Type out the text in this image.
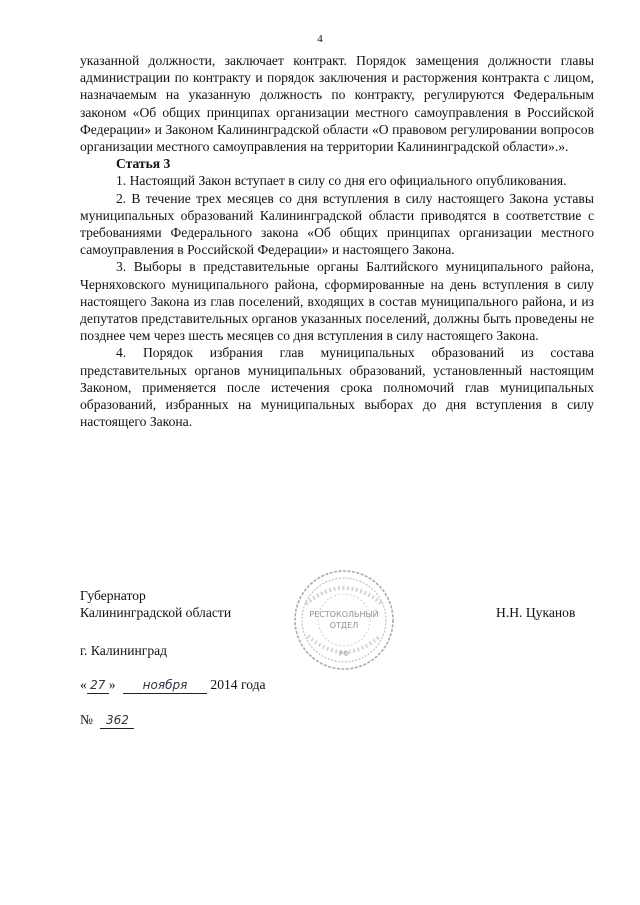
4

указанной должности, заключает контракт. Порядок замещения должности главы администрации по контракту и порядок заключения и расторжения контракта с лицом, назначаемым на указанную должность по контракту, регулируются Федеральным законом «Об общих принципах организации местного самоуправления в Российской Федерации» и Законом Калининградской области «О правовом регулировании вопросов организации местного самоуправления на территории Калининградской области».».

Статья 3

1. Настоящий Закон вступает в силу со дня его официального опубликования.

2. В течение трех месяцев со дня вступления в силу настоящего Закона уставы муниципальных образований Калининградской области приводятся в соответствие с требованиями Федерального закона «Об общих принципах организации местного самоуправления в Российской Федерации» и настоящего Закона.

3. Выборы в представительные органы Балтийского муниципального района, Черняховского муниципального района, сформированные на день вступления в силу настоящего Закона из глав поселений, входящих в состав муниципального района, и из депутатов представительных органов указанных поселений, должны быть проведены не позднее чем через шесть месяцев со дня вступления в силу настоящего Закона.

4. Порядок избрания глав муниципальных образований из состава представительных органов муниципальных образований, установленный настоящим Законом, применяется после истечения срока полномочий глав муниципальных образований, избранных на муниципальных выборах до дня вступления в силу настоящего Закона.

Губернатор
Калининградской области	Н.Н. Цуканов
г. Калининград
« 27 » ноября 2014 года
№ 362
РЕСТОКОЛЬНЫЙ
ОТДЕЛ
РФ
